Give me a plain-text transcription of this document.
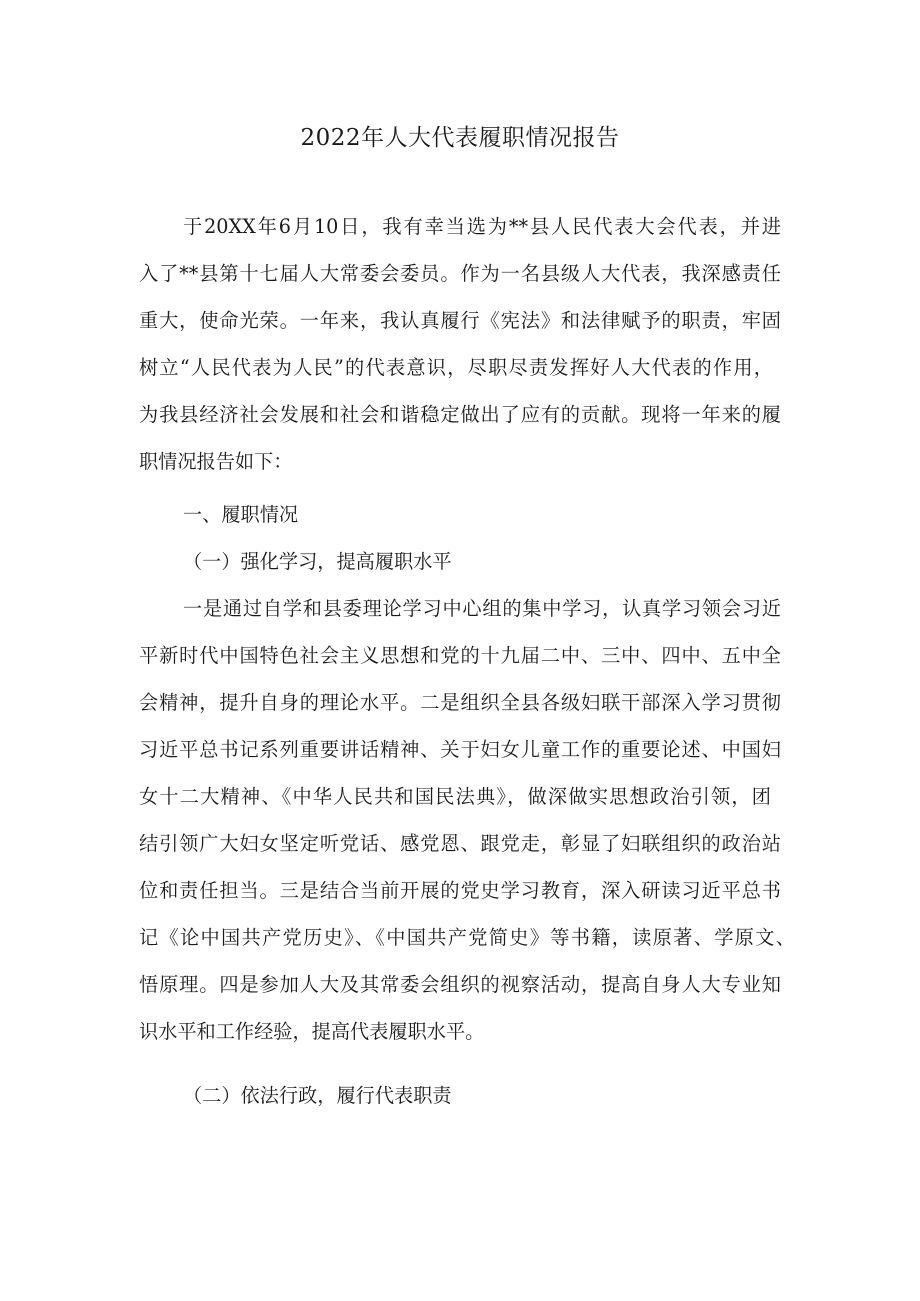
2022年人大代表履职情况报告
于20XX年6月10日，我有幸当选为**县人民代表大会代表，并进
入了**县第十七届人大常委会委员。作为一名县级人大代表，我深感责任
重大，使命光荣。一年来，我认真履行《宪法》和法律赋予的职责，牢固
树立“人民代表为人民”的代表意识，尽职尽责发挥好人大代表的作用，
为我县经济社会发展和社会和谐稳定做出了应有的贡献。现将一年来的履
职情况报告如下：
一、履职情况
（一）强化学习，提高履职水平
一是通过自学和县委理论学习中心组的集中学习，认真学习领会习近
平新时代中国特色社会主义思想和党的十九届二中、三中、四中、五中全
会精神，提升自身的理论水平。二是组织全县各级妇联干部深入学习贯彻
习近平总书记系列重要讲话精神、关于妇女儿童工作的重要论述、中国妇
女十二大精神、《中华人民共和国民法典》，做深做实思想政治引领，团
结引领广大妇女坚定听党话、感党恩、跟党走，彰显了妇联组织的政治站
位和责任担当。三是结合当前开展的党史学习教育，深入研读习近平总书
记《论中国共产党历史》、《中国共产党简史》等书籍，读原著、学原文、
悟原理。四是参加人大及其常委会组织的视察活动，提高自身人大专业知
识水平和工作经验，提高代表履职水平。
（二）依法行政，履行代表职责
